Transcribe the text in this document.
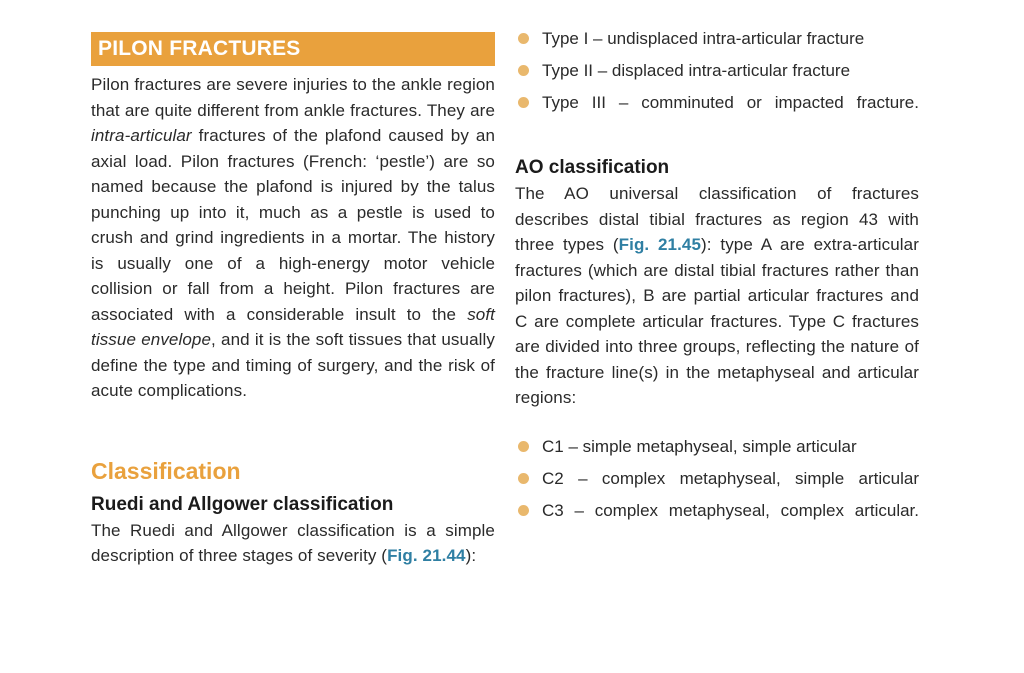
PILON FRACTURES

Pilon fractures are severe injuries to the ankle region that are quite different from ankle fractures. They are intra-articular fractures of the plafond caused by an axial load. Pilon fractures (French: ‘pestle’) are so named because the plafond is injured by the talus punching up into it, much as a pestle is used to crush and grind ingredients in a mortar. The history is usually one of a high-energy motor vehicle collision or fall from a height. Pilon fractures are associated with a considerable insult to the soft tissue envelope, and it is the soft tissues that usually define the type and timing of surgery, and the risk of acute complications.

Classification
Ruedi and Allgower classification

The Ruedi and Allgower classification is a simple description of three stages of severity (Fig. 21.44):

Type I – undisplaced intra-articular fracture
Type II – displaced intra-articular fracture
Type III – comminuted or impacted fracture.
AO classification

The AO universal classification of fractures describes distal tibial fractures as region 43 with three types (Fig. 21.45): type A are extra-articular fractures (which are distal tibial fractures rather than pilon fractures), B are partial articular fractures and C are complete articular fractures. Type C fractures are divided into three groups, reflecting the nature of the fracture line(s) in the metaphyseal and articular regions:

C1 – simple metaphyseal, simple articular
C2 – complex metaphyseal, simple articular
C3 – complex metaphyseal, complex articular.
